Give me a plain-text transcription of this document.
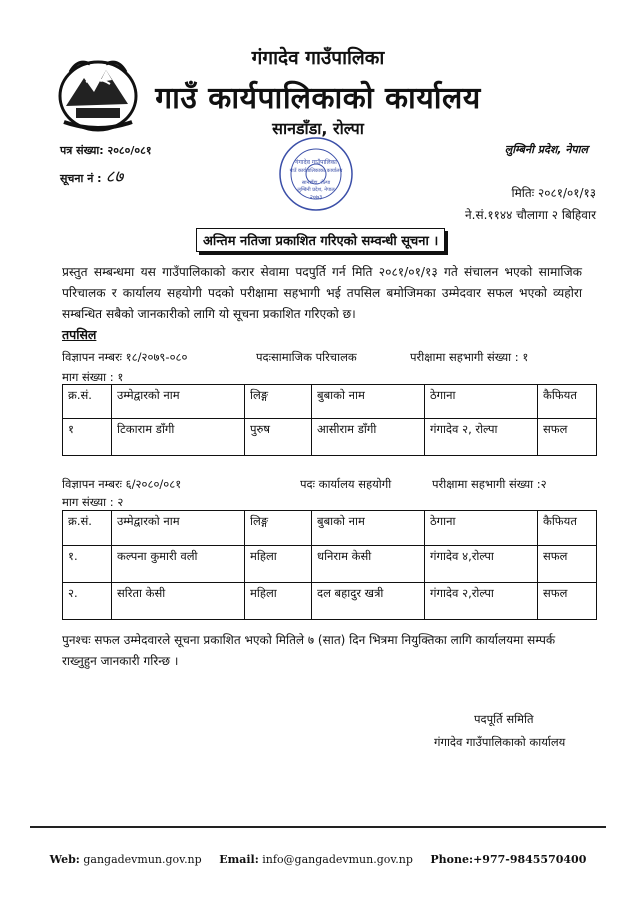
गंगादेव गाउँपालिका
गाउँ कार्यपालिकाको कार्यालय
सानडाँडा, रोल्पा
लुम्बिनी प्रदेश, नेपाल
पत्र संख्या: २०८०/०८१
सूचना नं : ८७
गंगादेव गाउँपालिका
गाउँ कार्यपालिकाको कार्यालय
सानडाँडा, रोल्पा
लुम्बिनी प्रदेश, नेपाल
२०७३	मितिः २०८१/०१/१३
ने.सं.११४४ चौलागा २ बिहिवार
अन्तिम नतिजा प्रकाशित गरिएको सम्वन्धी सूचना ।
प्रस्तुत सम्बन्धमा यस गाउँपालिकाको करार सेवामा पदपुर्ति गर्न मिति २०८१/०१/१३ गते संचालन भएको सामाजिक परिचालक र कार्यालय सहयोगी पदको परीक्षामा सहभागी भई तपसिल बमोजिमका उम्मेदवार सफल भएको व्यहोरा सम्बन्धित सबैको जानकारीको लागि यो सूचना प्रकाशित गरिएको छ।
तपसिल
विज्ञापन नम्बरः १८/२०७९-०८०	पदःसामाजिक परिचालक	परीक्षामा सहभागी संख्या : १
माग संख्या : १
क्र.सं.	उम्मेद्वारको नाम	लिङ्ग	बुबाको नाम	ठेगाना	कैफियत
१	टिकाराम डाँगी	पुरुष	आसीराम डाँगी	गंगादेव २, रोल्पा	सफल
विज्ञापन नम्बरः ६/२०८०/०८१	पदः कार्यालय सहयोगी	परीक्षामा सहभागी संख्या :२
माग संख्या : २
क्र.सं.	उम्मेद्वारको नाम	लिङ्ग	बुबाको नाम	ठेगाना	कैफियत
१.	कल्पना कुमारी वली	महिला	धनिराम केसी	गंगादेव ४,रोल्पा	सफल
२.	सरिता केसी	महिला	दल बहादुर खत्री	गंगादेव २,रोल्पा	सफल
पुनश्चः सफल उम्मेदवारले सूचना प्रकाशित भएको मितिले ७ (सात) दिन भित्रमा नियुक्तिका लागि कार्यालयमा सम्पर्क राख्नुहुन जानकारी गरिन्छ ।
पदपूर्ति समिति
गंगादेव गाउँपालिकाको कार्यालय
Web: gangadevmun.gov.np Email: info@gangadevmun.gov.np Phone:+977-9845570400
